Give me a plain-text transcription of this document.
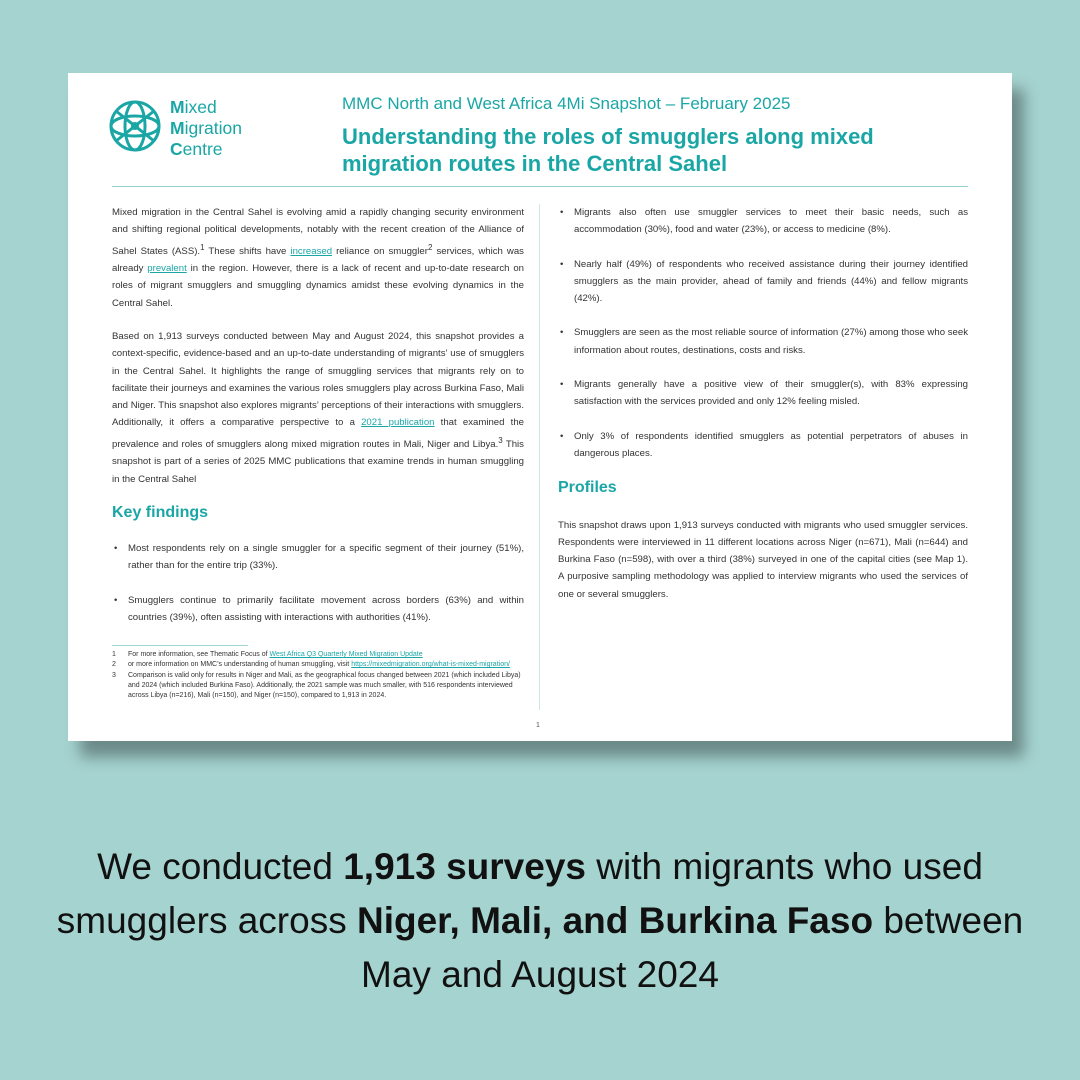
Mixed
Migration
Centre
MMC North and West Africa 4Mi Snapshot – February 2025
Understanding the roles of smugglers along mixed migration routes in the Central Sahel

Mixed migration in the Central Sahel is evolving amid a rapidly changing security environment and shifting regional political developments, notably with the recent creation of the Alliance of Sahel States (ASS).$^1$ These shifts have increased reliance on smuggler$^2$ services, which was already prevalent in the region. However, there is a lack of recent and up-to-date research on roles of migrant smugglers and smuggling dynamics amidst these evolving dynamics in the Central Sahel.

Based on 1,913 surveys conducted between May and August 2024, this snapshot provides a context-specific, evidence-based and an up-to-date understanding of migrants’ use of smugglers in the Central Sahel. It highlights the range of smuggling services that migrants rely on to facilitate their journeys and examines the various roles smugglers play across Burkina Faso, Mali and Niger. This snapshot also explores migrants’ perceptions of their interactions with smugglers. Additionally, it offers a comparative perspective to a 2021 publication that examined the prevalence and roles of smugglers along mixed migration routes in Mali, Niger and Libya.$^3$ This snapshot is part of a series of 2025 MMC publications that examine trends in human smuggling in the Central Sahel

Key findings
• Most respondents rely on a single smuggler for a specific segment of their journey (51%), rather than for the entire trip (33%).
• Smugglers continue to primarily facilitate movement across borders (63%) and within countries (39%), often assisting with interactions with authorities (41%).
• Migrants also often use smuggler services to meet their basic needs, such as accommodation (30%), food and water (23%), or access to medicine (8%).
• Nearly half (49%) of respondents who received assistance during their journey identified smugglers as the main provider, ahead of family and friends (44%) and fellow migrants (42%).
• Smugglers are seen as the most reliable source of information (27%) among those who seek information about routes, destinations, costs and risks.
• Migrants generally have a positive view of their smuggler(s), with 83% expressing satisfaction with the services provided and only 12% feeling misled.
• Only 3% of respondents identified smugglers as potential perpetrators of abuses in dangerous places.
Profiles

This snapshot draws upon 1,913 surveys conducted with migrants who used smuggler services. Respondents were interviewed in 11 different locations across Niger (n=671), Mali (n=644) and Burkina Faso (n=598), with over a third (38%) surveyed in one of the capital cities (see Map 1). A purposive sampling methodology was applied to interview migrants who used the services of one or several smugglers.

1 For more information, see Thematic Focus of West Africa Q3 Quarterly Mixed Migration Update
2 or more information on MMC’s understanding of human smuggling, visit https://mixedmigration.org/what-is-mixed-migration/
3 Comparison is valid only for results in Niger and Mali, as the geographical focus changed between 2021 (which included Libya) and 2024 (which included Burkina Faso). Additionally, the 2021 sample was much smaller, with 516 respondents interviewed across Libya (n=216), Mali (n=150), and Niger (n=150), compared to 1,913 in 2024.
1
We conducted 1,913 surveys with migrants who used smugglers across Niger, Mali, and Burkina Faso between May and August 2024
